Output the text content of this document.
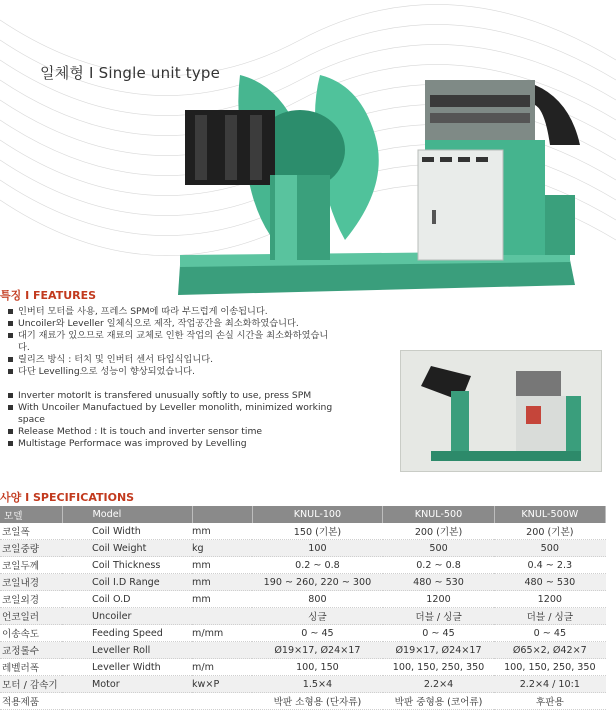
일체형 I Single unit type
특징 I FEATURES
인버터 모터를 사용, 프레스 SPM에 따라 부드럽게 이송됩니다.
Uncoiler와 Leveller 일체식으로 제작, 작업공간을 최소화하였습니다.
대기 재료가 있으므로 재료의 교체로 인한 작업의 손실 시간을 최소화하였습니다.
릴리즈 방식 : 터치 및 인버터 센서 타입식입니다.
다단 Levelling으로 성능이 향상되었습니다.
Inverter motorIt is transfered unusually softly to use, press SPM
With Uncoiler Manufactued by Leveller monolith, minimized working space
Release Method : It is touch and inverter sensor time
Multistage Performace was improved by Levelling
사양 I SPECIFICATIONS
모델	Model		KNUL-100	KNUL-500	KNUL-500W
코일폭	Coil Width	mm	150 (기본)	200 (기본)	200 (기본)
코일중량	Coil Weight	kg	100	500	500
코일두께	Coil Thickness	mm	0.2 ~ 0.8	0.2 ~ 0.8	0.4 ~ 2.3
코일내경	Coil I.D Range	mm	190 ~ 260, 220 ~ 300	480 ~ 530	480 ~ 530
코일외경	Coil O.D	mm	800	1200	1200
언코일러	Uncoiler		싱글	더블 / 싱글	더블 / 싱글
이송속도	Feeding Speed	m/mm	0 ~ 45	0 ~ 45	0 ~ 45
교정롤수	Leveller Roll		Ø19×17, Ø24×17	Ø19×17, Ø24×17	Ø65×2, Ø42×7
레벨러폭	Leveller Width	m/m	100, 150	100, 150, 250, 350	100, 150, 250, 350
모터 / 감속기	Motor	kw×P	1.5×4	2.2×4	2.2×4 / 10:1
적용제품			박판 소형용 (단자류)	박판 중형용 (코어류)	후판용
